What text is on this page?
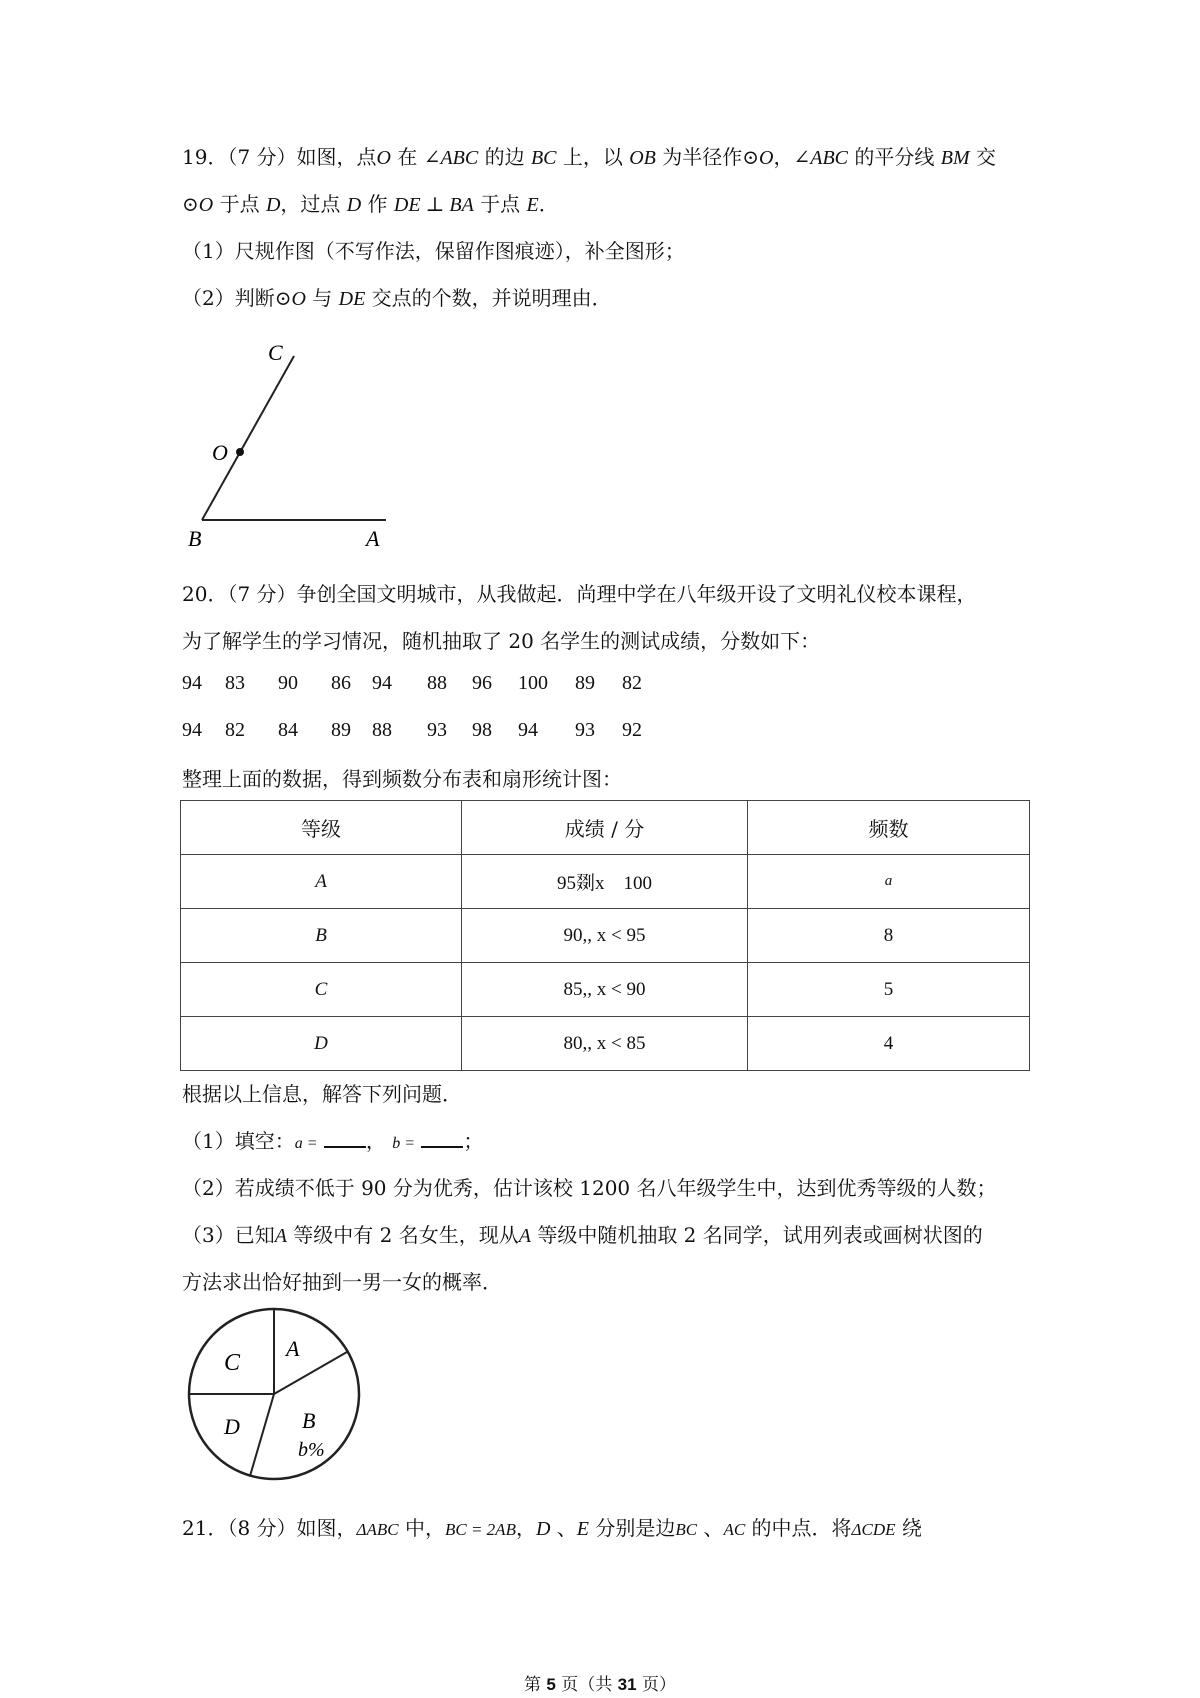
19．（7 分）如图，点O 在 ∠ABC 的边 BC 上，以 OB 为半径作⊙O，∠ABC 的平分线 BM 交
⊙O 于点 D，过点 D 作 DE ⊥ BA 于点 E．
（1）尺规作图（不写作法，保留作图痕迹），补全图形；
（2）判断⊙O 与 DE 交点的个数，并说明理由．
C
O
B	A
20．（7 分）争创全国文明城市，从我做起．尚理中学在八年级开设了文明礼仪校本课程，
为了解学生的学习情况，随机抽取了 20 名学生的测试成绩，分数如下：
94 83 90 86 94 88 96 100 89 82
94 82 84 89 88 93 98 94 93 92
整理上面的数据，得到频数分布表和扇形统计图：
等级	成绩 / 分	频数
A	95剟x　100	a
B	90,, x < 95	8
C	85,, x < 90	5
D	80,, x < 85	4
根据以上信息，解答下列问题．
（1）填空：a = ， b = ；
（2）若成绩不低于 90 分为优秀，估计该校 1200 名八年级学生中，达到优秀等级的人数；
（3）已知A 等级中有 2 名女生，现从A 等级中随机抽取 2 名同学，试用列表或画树状图的
方法求出恰好抽到一男一女的概率．
C
A
D	B
b%
21．（8 分）如图，ΔABC 中，BC = 2AB，D 、E 分别是边BC 、AC 的中点．将ΔCDE 绕
第 5 页（共 31 页）
